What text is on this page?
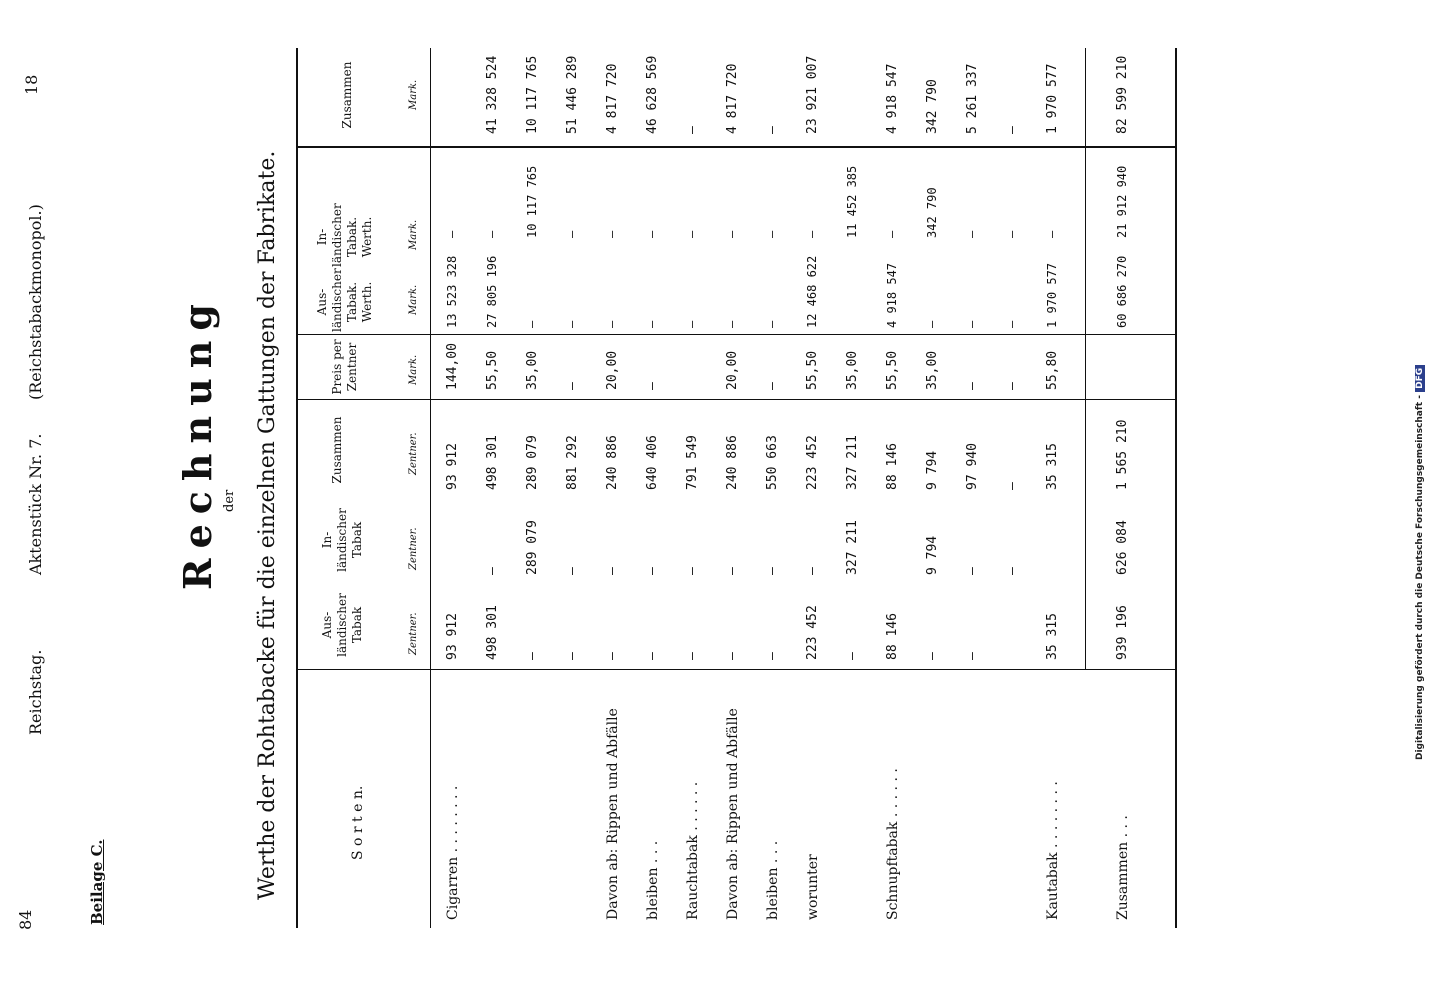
84
Reichstag.
Aktenstück Nr. 7.
(Reichstabackmonopol.)
18
Beilage C.
Rechnung der Werthe der Rohtabacke für die einzelnen Gattungen der Fabrikate.	S o r t e n.
Aus-ländischer Tabak
In-ländischer Tabak
Zusammen
Zentner.
Zentner.
Zentner.
Preis per Zentner	Mark.
Aus-ländischer Tabak. Werth.
In-ländischer Tabak. Werth.
Zusammen
Mark.
Mark.
Mark.
Cigarren . . . . . . . .
93 912
93 912
144,00
13 523 328
—
498 301
—
498 301
55,50
27 805 196
—
41 328 524
—
289 079
289 079
35,00
—
10 117 765
10 117 765
—
—
881 292
—
—
—
51 446 289
Davon ab: Rippen und Abfälle
—
—
240 886
20,00
—
—
4 817 720
bleiben . . .
—
—
640 406
—
—
—
46 628 569
Rauchtabak . . . . . .
—
—
791 549
—
—
—
Davon ab: Rippen und Abfälle
—
—
240 886
20,00
—
—
4 817 720
bleiben . . .
—
—
550 663
—
—
—
—
worunter
223 452
—
223 452
55,50
12 468 622
—
23 921 007
—
327 211
327 211
35,00
11 452 385
Schnupftabak . . . . . .
88 146
88 146
55,50
4 918 547
—
4 918 547
—
9 794
9 794
35,00
—
342 790
342 790
—
—
97 940
—
—
—
5 261 337
—
—
—
—
—
—
Kautabak . . . . . . . .
35 315
35 315
55,80
1 970 577
—
1 970 577
Zusammen . . .
939 196
626 084
1 565 210
60 686 270
21 912 940
82 599 210
Digitalisierung gefördert durch die Deutsche Forschungsgemeinschaft - DFG
